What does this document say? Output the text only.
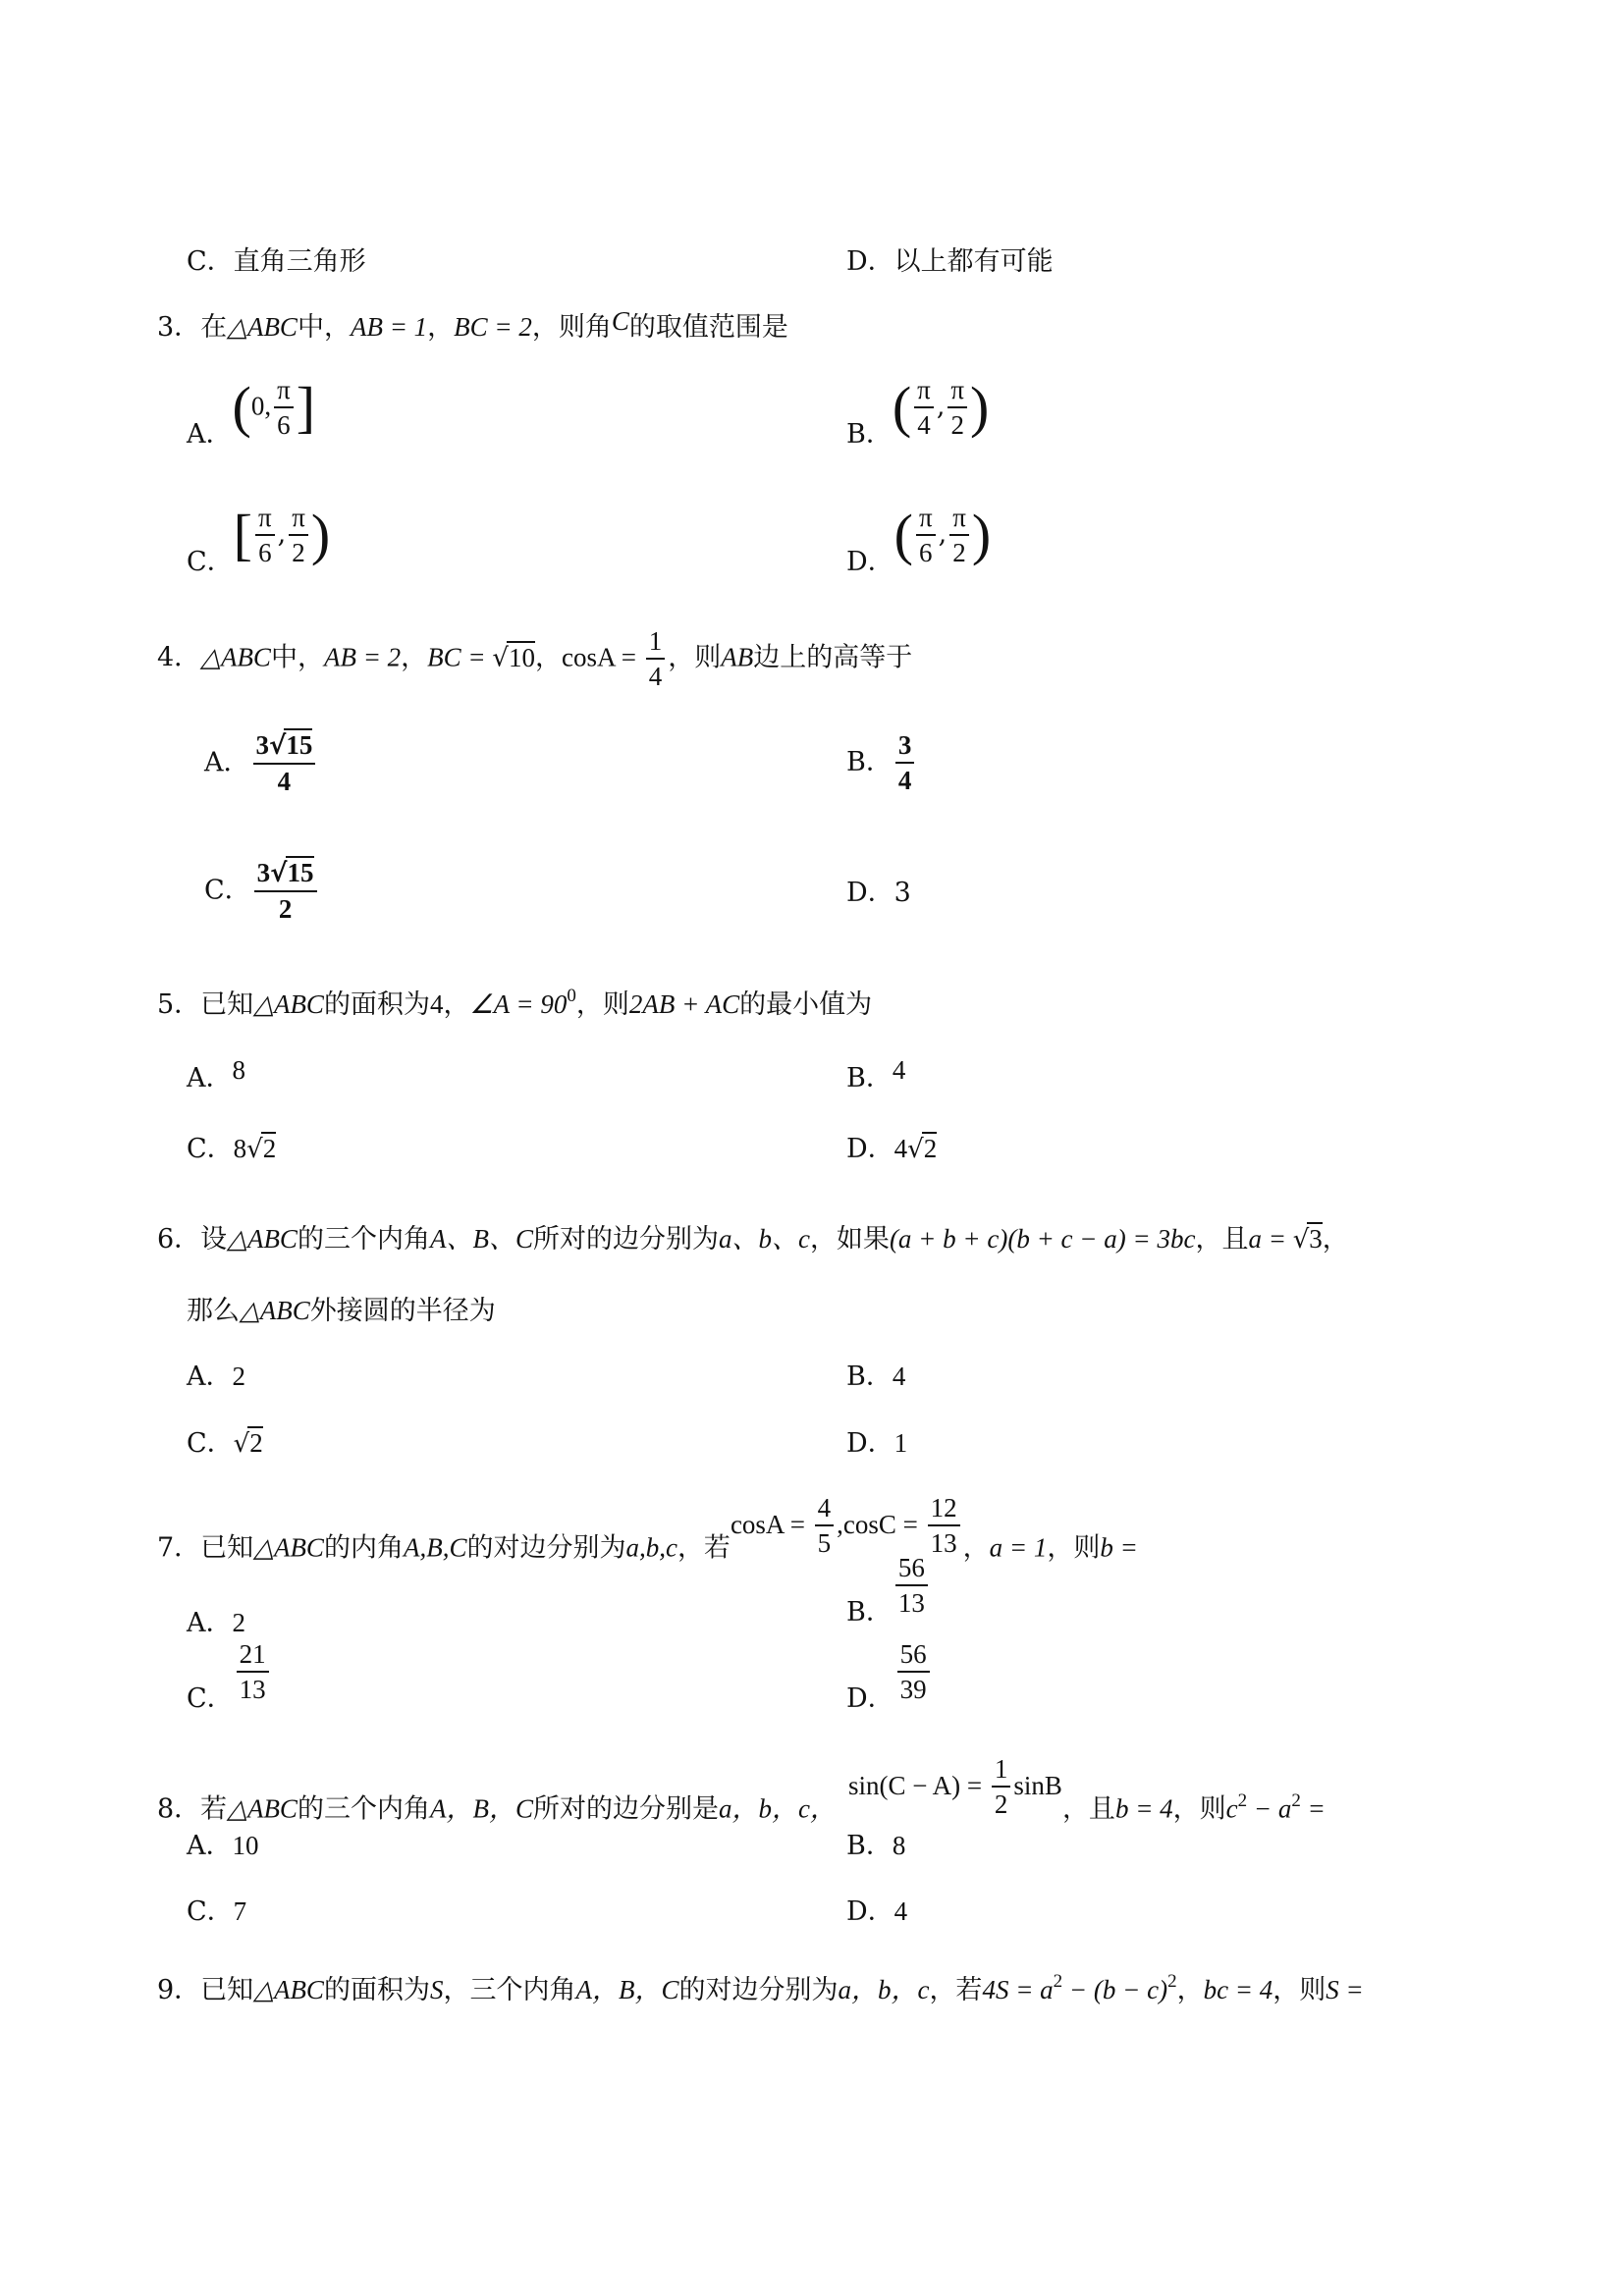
C．直角三角形	D．以上都有可能
3．在△ABC中，AB = 1，BC = 2，则角C的取值范围是
A．(0, $\frac{\pi}{6}$ ]	B．( $\frac{\pi}{4}$ , $\frac{\pi}{2}$ )
C．[ $\frac{\pi}{6}$ , $\frac{\pi}{2}$ )	D．( $\frac{\pi}{6}$ , $\frac{\pi}{2}$ )
4．△ABC中，AB = 2，BC = √10，$\cos A = \frac{1}{4}$ ，则AB边上的高等于
A． $\frac{3√15}{4}$	B． $\frac{3}{4}$
C． $\frac{3√15}{2}$	D．3
5．已知△ABC的面积为4，∠A = $90^0$，则2AB + AC的最小值为
A．8	B．4
C．8√2	D．4√2
6．设△ABC的三个内角A、B、C所对的边分别为a、b、c，如果(a + b + c)(b + c − a) = 3bc，且a = √3，
那么△ABC外接圆的半径为
A．2	B．4
C．√2	D．1
7．已知△ABC的内角A,B,C的对边分别为a,b,c，若$\cos A = \frac{4}{5} ,\cos C = \frac{12}{13}$ ，a = 1，则b =
A．2	B． $\frac{56}{13}$
C． $\frac{21}{13}$	D． $\frac{56}{39}$
8．若△ABC的三个内角A，B，C所对的边分别是a，b，c，$\sin(C - A) = \frac{1}{2}$ sinB，且b = 4，则$c^2 - a^2$ =
A．10	B．8
C．7	D．4
9．已知△ABC的面积为S，三个内角A，B，C的对边分别为a，b，c，若$4S = a^2 - (b - c)^2$，bc = 4，则S =
